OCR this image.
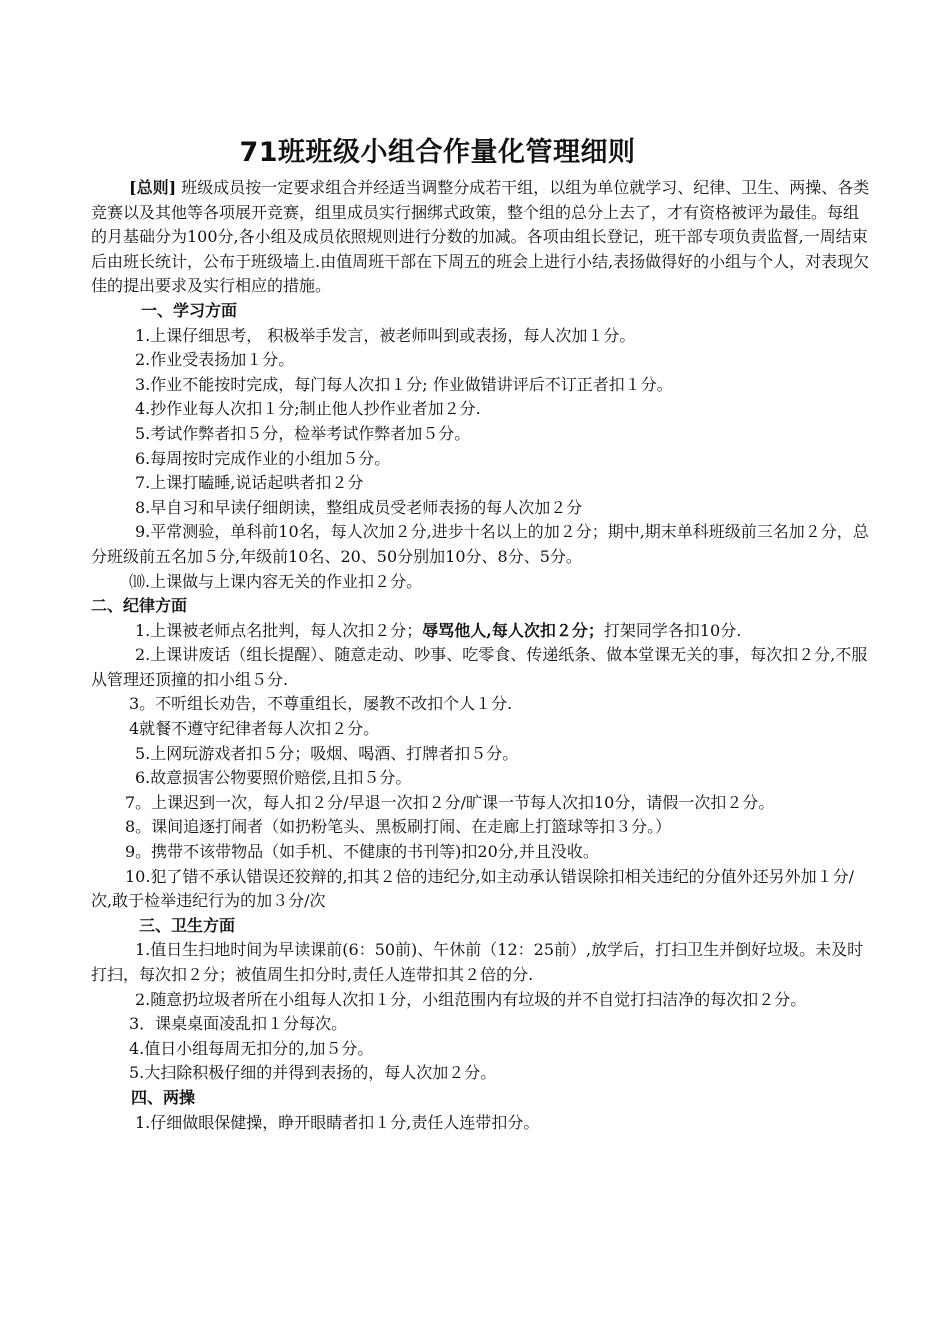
71班班级小组合作量化管理细则

[总则] 班级成员按一定要求组合并经适当调整分成若干组，以组为单位就学习、纪律、卫生、两操、各类竞赛以及其他等各项展开竞赛，组里成员实行捆绑式政策，整个组的总分上去了，才有资格被评为最佳。每组的月基础分为100分,各小组及成员依照规则进行分数的加减。各项由组长登记，班干部专项负责监督,一周结束后由班长统计，公布于班级墙上.由值周班干部在下周五的班会上进行小结,表扬做得好的小组与个人，对表现欠佳的提出要求及实行相应的措施。

一、学习方面

1.上课仔细思考， 积极举手发言，被老师叫到或表扬，每人次加１分。

2.作业受表扬加１分。

3.作业不能按时完成，每门每人次扣１分; 作业做错讲评后不订正者扣１分。

4.抄作业每人次扣１分;制止他人抄作业者加２分.

5.考试作弊者扣５分，检举考试作弊者加５分。

6.每周按时完成作业的小组加５分。

7.上课打瞌睡,说话起哄者扣２分

8.早自习和早读仔细朗读，整组成员受老师表扬的每人次加２分

9.平常测验，单科前10名，每人次加２分,进步十名以上的加２分；期中,期末单科班级前三名加２分，总分班级前五名加５分,年级前10名、20、50分别加10分、8分、5分。

⑽.上课做与上课内容无关的作业扣２分。

二、纪律方面

1.上课被老师点名批判，每人次扣２分；辱骂他人,每人次扣２分；打架同学各扣10分.

2.上课讲废话（组长提醒）、随意走动、吵事、吃零食、传递纸条、做本堂课无关的事，每次扣２分,不服从管理还顶撞的扣小组５分.

3。不听组长劝告，不尊重组长，屡教不改扣个人１分.

4就餐不遵守纪律者每人次扣２分。

5.上网玩游戏者扣５分；吸烟、喝酒、打牌者扣５分。

6.故意损害公物要照价赔偿,且扣５分。

7。上课迟到一次，每人扣２分/早退一次扣２分/旷课一节每人次扣10分，请假一次扣２分。

8。课间追逐打闹者（如扔粉笔头、黑板刷打闹、在走廊上打篮球等扣３分。）

9。携带不该带物品（如手机、不健康的书刊等)扣20分,并且没收。

10.犯了错不承认错误还狡辩的,扣其２倍的违纪分,如主动承认错误除扣相关违纪的分值外还另外加１分/次,敢于检举违纪行为的加３分/次

三、卫生方面

1.值日生扫地时间为早读课前(6：50前)、午休前（12：25前）,放学后，打扫卫生并倒好垃圾。未及时打扫，每次扣２分；被值周生扣分时,责任人连带扣其２倍的分.

2.随意扔垃圾者所在小组每人次扣１分，小组范围内有垃圾的并不自觉打扫洁净的每次扣２分。

3．课桌桌面凌乱扣１分每次。

4.值日小组每周无扣分的,加５分。

5.大扫除积极仔细的并得到表扬的，每人次加２分。

四、两操

1.仔细做眼保健操，睁开眼睛者扣１分,责任人连带扣分。
